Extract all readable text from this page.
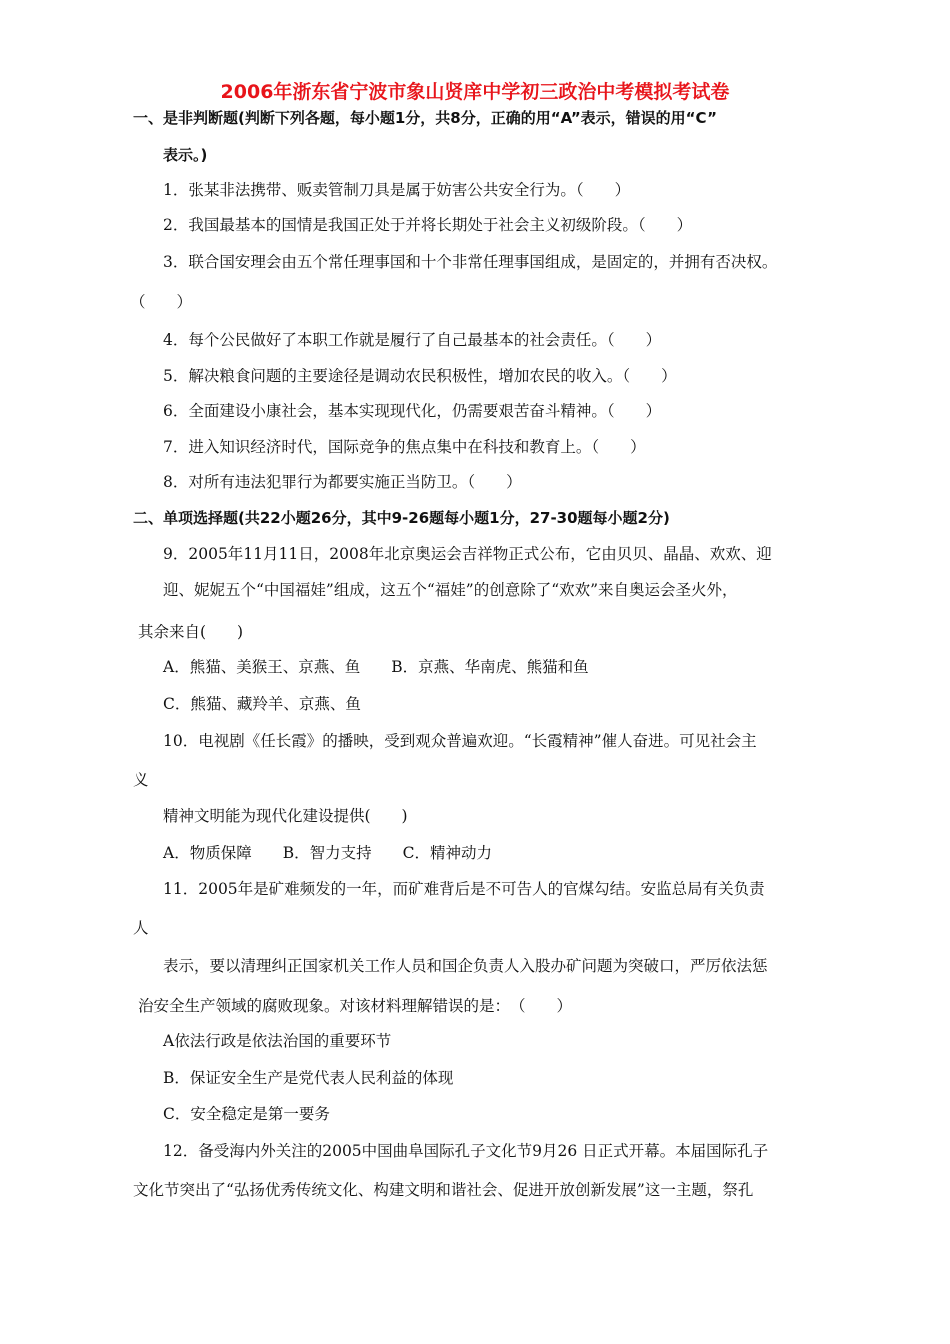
2006年浙东省宁波市象山贤庠中学初三政治中考模拟考试卷
一、是非判断题(判断下列各题，每小题1分，共8分，正确的用“A”表示，错误的用“C”
表示。)
1．张某非法携带、贩卖管制刀具是属于妨害公共安全行为。（　　）
2．我国最基本的国情是我国正处于并将长期处于社会主义初级阶段。（　　）
3．联合国安理会由五个常任理事国和十个非常任理事国组成，是固定的，并拥有否决权。
（　　）
4．每个公民做好了本职工作就是履行了自己最基本的社会责任。（　　）
5．解决粮食问题的主要途径是调动农民积极性，增加农民的收入。（　　）
6．全面建设小康社会，基本实现现代化，仍需要艰苦奋斗精神。（　　）
7．进入知识经济时代，国际竞争的焦点集中在科技和教育上。（　　）
8．对所有违法犯罪行为都要实施正当防卫。（　　）
二、单项选择题(共22小题26分，其中9-26题每小题1分，27-30题每小题2分)
9．2005年11月11日，2008年北京奥运会吉祥物正式公布，它由贝贝、晶晶、欢欢、迎
迎、妮妮五个“中国福娃”组成，这五个“福娃”的创意除了“欢欢”来自奥运会圣火外，
其余来自(　　)
A．熊猫、美猴王、京燕、鱼　　B．京燕、华南虎、熊猫和鱼
C．熊猫、藏羚羊、京燕、鱼
10．电视剧《任长霞》的播映，受到观众普遍欢迎。“长霞精神”催人奋进。可见社会主
义
精神文明能为现代化建设提供(　　)
A．物质保障　　B．智力支持　　C．精神动力
11．2005年是矿难频发的一年，而矿难背后是不可告人的官煤勾结。安监总局有关负责
人
表示，要以清理纠正国家机关工作人员和国企负责人入股办矿问题为突破口，严厉依法惩
治安全生产领域的腐败现象。对该材料理解错误的是：　（　　）
A依法行政是依法治国的重要环节
B．保证安全生产是党代表人民利益的体现
C．安全稳定是第一要务
12．备受海内外关注的2005中国曲阜国际孔子文化节9月26 日正式开幕。本届国际孔子
文化节突出了“弘扬优秀传统文化、构建文明和谐社会、促进开放创新发展”这一主题，祭孔
